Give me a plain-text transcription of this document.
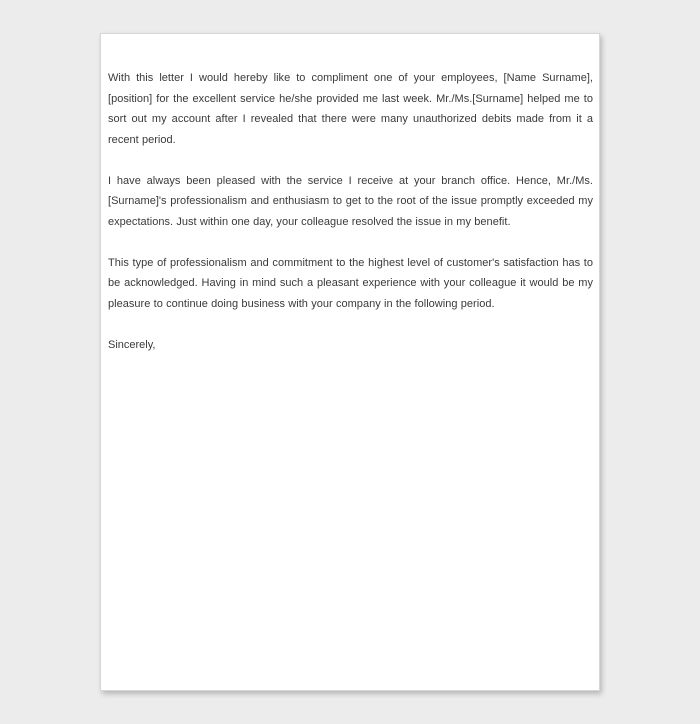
With this letter I would hereby like to compliment one of your employees, [Name Surname], [position] for the excellent service he/she provided me last week. Mr./Ms.[Surname] helped me to sort out my account after I revealed that there were many unauthorized debits made from it a recent period.

I have always been pleased with the service I receive at your branch office. Hence, Mr./Ms.[Surname]'s professionalism and enthusiasm to get to the root of the issue promptly exceeded my expectations. Just within one day, your colleague resolved the issue in my benefit.

This type of professionalism and commitment to the highest level of customer's satisfaction has to be acknowledged. Having in mind such a pleasant experience with your colleague it would be my pleasure to continue doing business with your company in the following period.

Sincerely,
